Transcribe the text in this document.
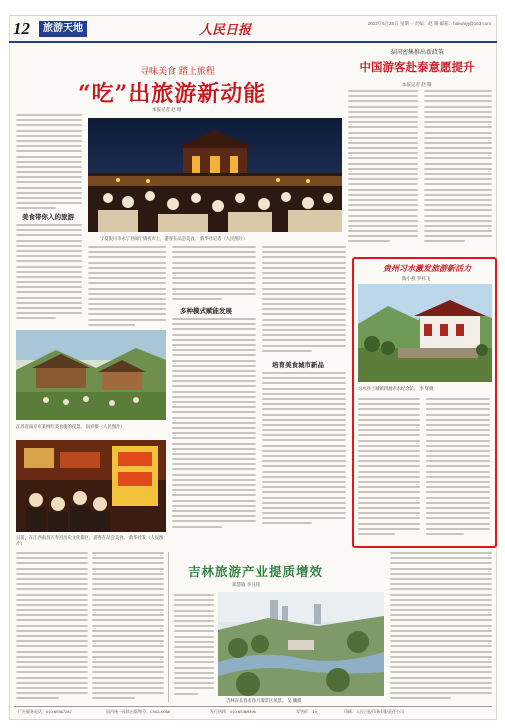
12	旅游天地	人民日报	2023年6月26日 星期一 责编：赵 珊 邮箱：haiwaiyj@163.com
寻味美食 踏上旅程
“吃”出旅游新动能
本报记者 赵 珊
泰国密集推出新政策
中国游客赴泰意愿提升
本报记者 赵 珊
美食带你入的旅游
宁夏银川市永宁县闽宁镇夜市上，游客在品尝美食。 新华社记者（人民图片）
多种模式赋能发展
培育美食城市新品
江苏省南京市某网红美食街的夜景。 阮祥摄（人民图片）
日前，在江西南昌万寿宫历史文化街区，游客在品尝美食。 新华社发（人民图片）
贵州习水激发旅游新活力
陶小燕 罗祎飞
习水县土城镇四渡赤水纪念馆。 李 辉摄
吉林旅游产业提质增效
郑慧敏 李凡铭
吉林省长春市净月潭景区风景。 吴 鹏摄
广告服务电话：010-65367287	国内统一连续出版物号：CN11-0066	发行热线：010-65369396	零售价：1元	印刷：人民日报印务有限责任公司
